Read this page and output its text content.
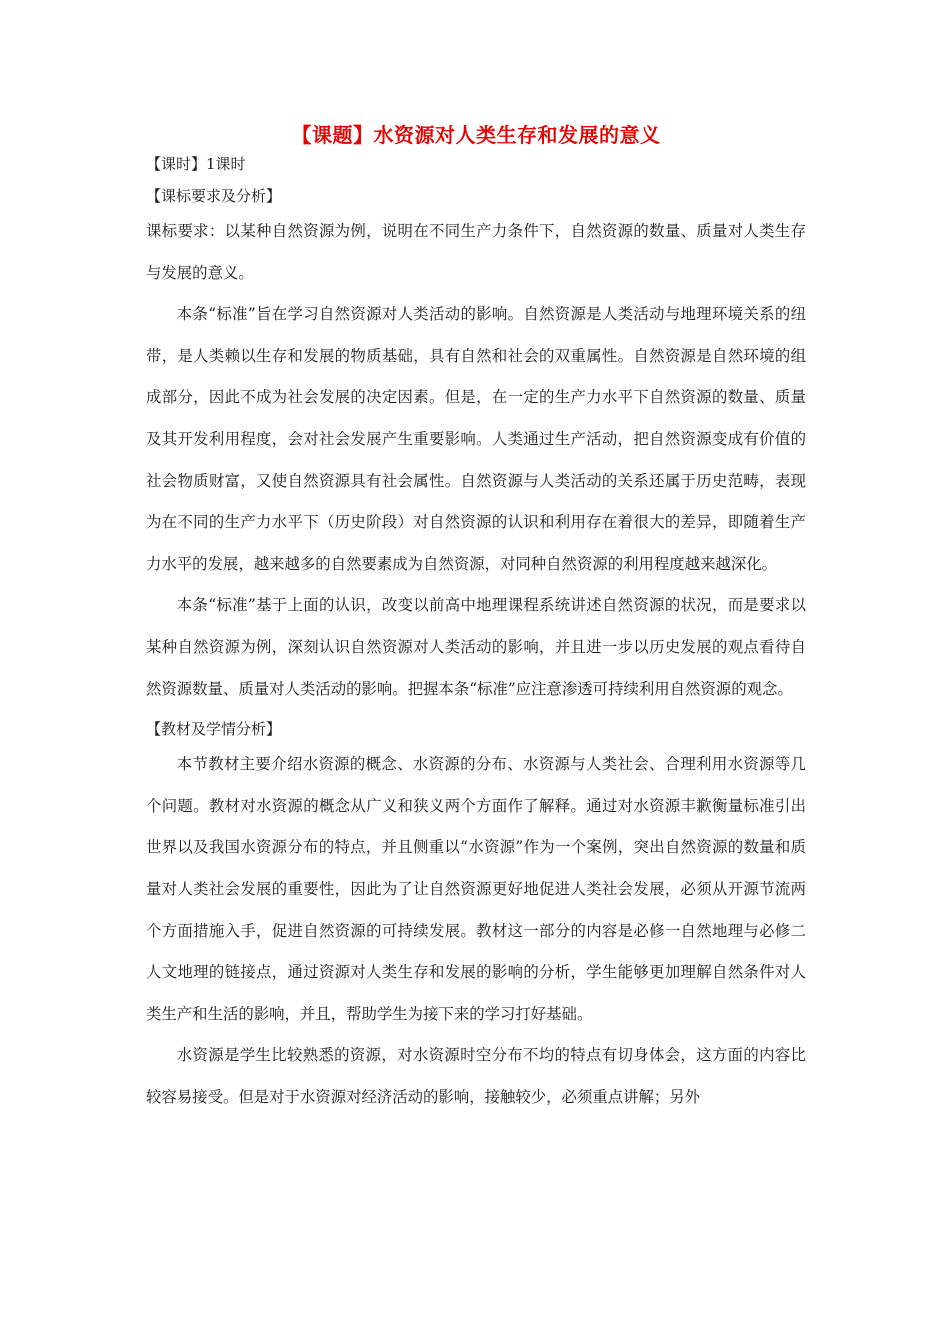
【课题】水资源对人类生存和发展的意义

【课时】1课时

【课标要求及分析】

课标要求：以某种自然资源为例，说明在不同生产力条件下，自然资源的数量、质量对人类生存与发展的意义。

本条“标准”旨在学习自然资源对人类活动的影响。自然资源是人类活动与地理环境关系的纽带，是人类赖以生存和发展的物质基础，具有自然和社会的双重属性。自然资源是自然环境的组成部分，因此不成为社会发展的决定因素。但是，在一定的生产力水平下自然资源的数量、质量及其开发利用程度，会对社会发展产生重要影响。人类通过生产活动，把自然资源变成有价值的社会物质财富，又使自然资源具有社会属性。自然资源与人类活动的关系还属于历史范畴，表现为在不同的生产力水平下（历史阶段）对自然资源的认识和利用存在着很大的差异，即随着生产力水平的发展，越来越多的自然要素成为自然资源，对同种自然资源的利用程度越来越深化。

本条“标准”基于上面的认识，改变以前高中地理课程系统讲述自然资源的状况，而是要求以某种自然资源为例，深刻认识自然资源对人类活动的影响，并且进一步以历史发展的观点看待自然资源数量、质量对人类活动的影响。把握本条“标准”应注意渗透可持续利用自然资源的观念。

【教材及学情分析】

本节教材主要介绍水资源的概念、水资源的分布、水资源与人类社会、合理利用水资源等几个问题。教材对水资源的概念从广义和狭义两个方面作了解释。通过对水资源丰歉衡量标准引出世界以及我国水资源分布的特点，并且侧重以“水资源”作为一个案例，突出自然资源的数量和质量对人类社会发展的重要性，因此为了让自然资源更好地促进人类社会发展，必须从开源节流两个方面措施入手，促进自然资源的可持续发展。教材这一部分的内容是必修一自然地理与必修二人文地理的链接点，通过资源对人类生存和发展的影响的分析，学生能够更加理解自然条件对人类生产和生活的影响，并且，帮助学生为接下来的学习打好基础。

水资源是学生比较熟悉的资源，对水资源时空分布不均的特点有切身体会，这方面的内容比较容易接受。但是对于水资源对经济活动的影响，接触较少，必须重点讲解；另外
